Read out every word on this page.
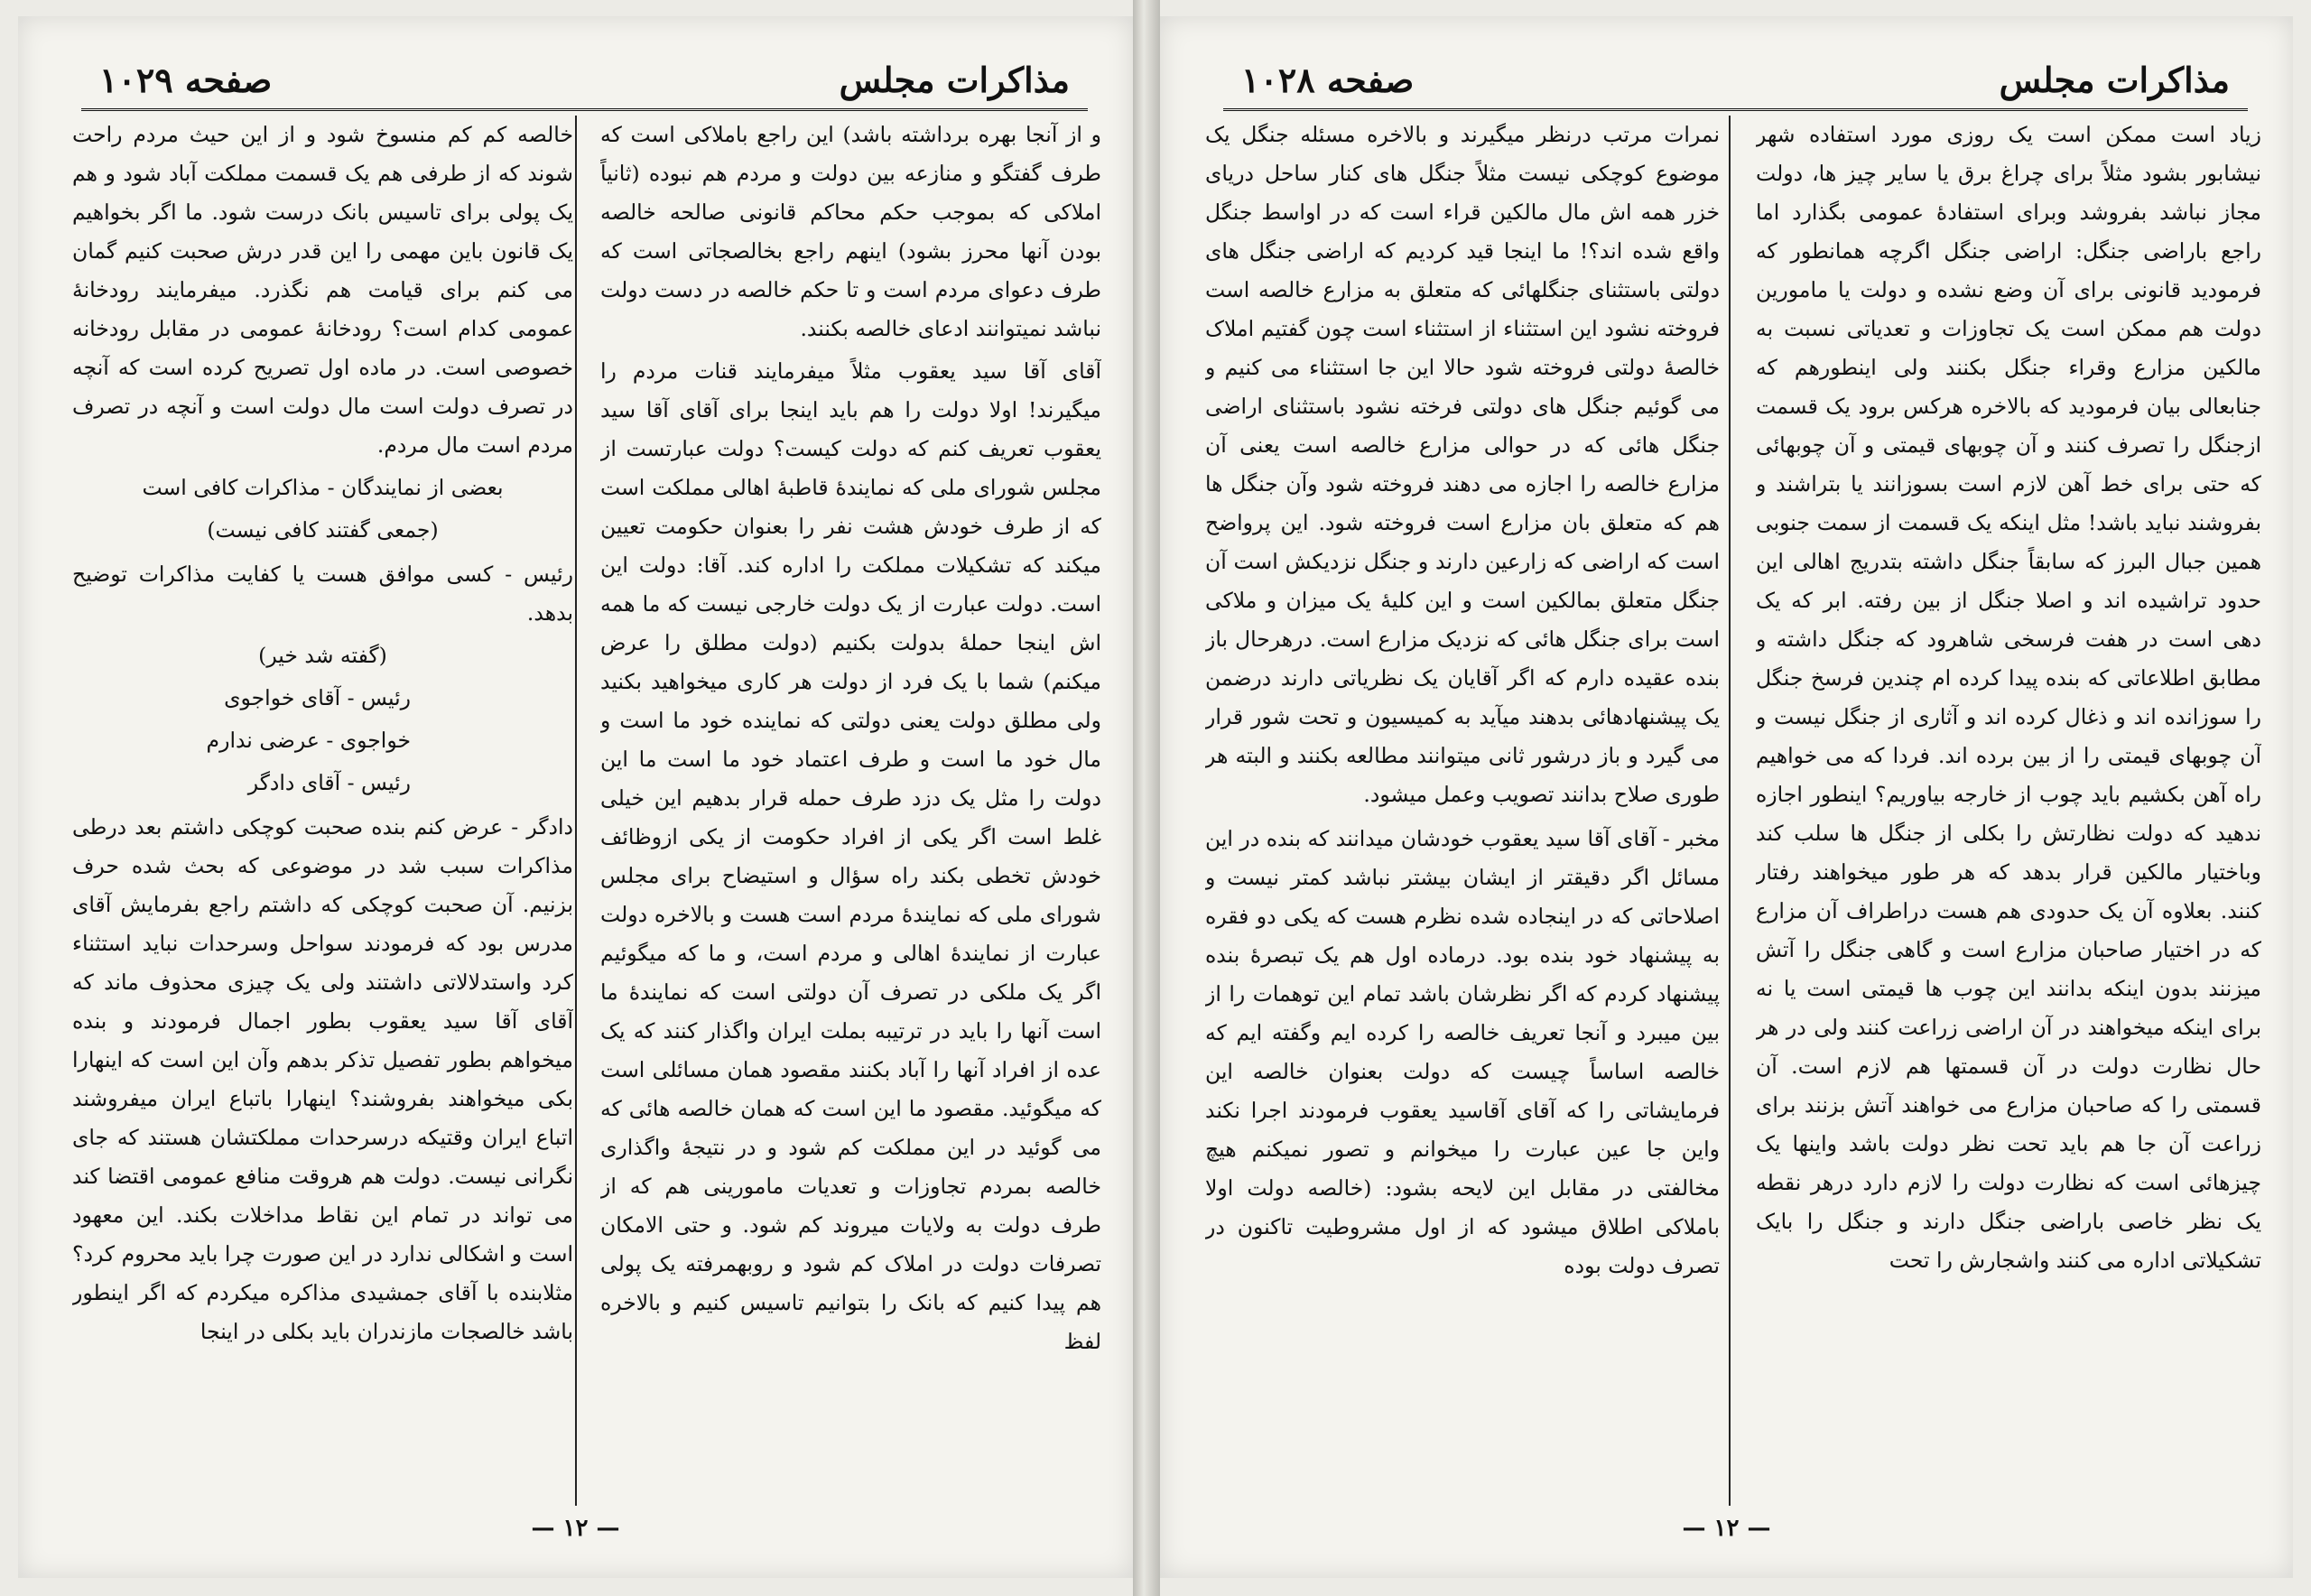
مذاکرات مجلس
صفحه ۱۰۲۹

و از آنجا بهره برداشته باشد) این راجع باملاکی است که طرف گفتگو و منازعه بین دولت و مردم هم نبوده (ثانیاً املاکی که بموجب حکم محاکم قانونی صالحه خالصه بودن آنها محرز بشود) اینهم راجع بخالصجاتی است که طرف دعوای مردم است و تا حکم خالصه در دست دولت نباشد نمیتوانند ادعای خالصه بکنند.

آقای آقا سید یعقوب مثلاً میفرمایند قنات مردم را میگیرند! اولا دولت را هم باید اینجا برای آقای آقا سید یعقوب تعریف کنم که دولت کیست؟ دولت عبارتست از مجلس شورای ملی که نمایندهٔ قاطبهٔ اهالی مملکت است که از طرف خودش هشت نفر را بعنوان حکومت تعیین میکند که تشکیلات مملکت را اداره کند. آقا: دولت این است. دولت عبارت از یک دولت خارجی نیست که ما همه اش اینجا حملهٔ بدولت بکنیم (دولت مطلق را عرض میکنم) شما با یک فرد از دولت هر کاری میخواهید بکنید ولی مطلق دولت یعنی دولتی که نماینده خود ما است و مال خود ما است و طرف اعتماد خود ما است ما این دولت را مثل یک دزد طرف حمله قرار بدهیم این خیلی غلط است اگر یکی از افراد حکومت از یکی ازوظائف خودش تخطی بکند راه سؤال و استیضاح برای مجلس شورای ملی که نمایندهٔ مردم است هست و بالاخره دولت عبارت از نمایندهٔ اهالی و مردم است، و ما که میگوئیم اگر یک ملکی در تصرف آن دولتی است که نمایندهٔ ما است آنها را باید در ترتیبه بملت ایران واگذار کنند که یک عده از افراد آنها را آباد بکنند مقصود همان مسائلی است که میگوئید. مقصود ما این است که همان خالصه هائی که می گوئید در این مملکت کم شود و در نتیجهٔ واگذاری خالصه بمردم تجاوزات و تعدیات مامورینی هم که از طرف دولت به ولایات میروند کم شود. و حتی الامکان تصرفات دولت در املاک کم شود و روبهمرفته یک پولی هم پیدا کنیم که بانک را بتوانیم تاسیس کنیم و بالاخره لفظ

خالصه کم کم منسوخ شود و از این حیث مردم راحت شوند که از طرفی هم یک قسمت مملکت آباد شود و هم یک پولی برای تاسیس بانک درست شود. ما اگر بخواهیم یک قانون باین مهمی را این قدر درش صحبت کنیم گمان می کنم برای قیامت هم نگذرد. میفرمایند رودخانهٔ عمومی کدام است؟ رودخانهٔ عمومی در مقابل رودخانه خصوصی است. در ماده اول تصریح کرده است که آنچه در تصرف دولت است مال دولت است و آنچه در تصرف مردم است مال مردم.

بعضی از نمایندگان - مذاکرات کافی است

(جمعی گفتند کافی نیست)

رئیس - کسی موافق هست یا کفایت مذاکرات توضیح بدهد.

(گفته شد خیر)

رئیس - آقای خواجوی

خواجوی - عرضی ندارم

رئیس - آقای دادگر

دادگر - عرض کنم بنده صحبت کوچکی داشتم بعد درطی مذاکرات سبب شد در موضوعی که بحث شده حرف بزنیم. آن صحبت کوچکی که داشتم راجع بفرمایش آقای مدرس بود که فرمودند سواحل وسرحدات نباید استثناء کرد واستدلالاتی داشتند ولی یک چیزی محذوف ماند که آقای آقا سید یعقوب بطور اجمال فرمودند و بنده میخواهم بطور تفصیل تذکر بدهم وآن این است که اینهارا بکی میخواهند بفروشند؟ اینهارا باتباع ایران میفروشند اتباع ایران وقتیکه درسرحدات مملکتشان هستند که جای نگرانی نیست. دولت هم هروقت منافع عمومی اقتضا کند می تواند در تمام این نقاط مداخلات بکند. این معهود است و اشکالی ندارد در این صورت چرا باید محروم کرد؟ مثلابنده با آقای جمشیدی مذاکره میکردم که اگر اینطور باشد خالصجات مازندران باید بکلی در اینجا

— ۱۲ —
مذاکرات مجلس
صفحه ۱۰۲۸

زیاد است ممکن است یک روزی مورد استفاده شهر نیشابور بشود مثلاً برای چراغ برق یا سایر چیز ها، دولت مجاز نباشد بفروشد وبرای استفادهٔ عمومی بگذارد اما راجع باراضی جنگل: اراضی جنگل اگرچه همانطور که فرمودید قانونی برای آن وضع نشده و دولت یا مامورین دولت هم ممکن است یک تجاوزات و تعدیاتی نسبت به مالکین مزارع وقراء جنگل بکنند ولی اینطورهم که جنابعالی بیان فرمودید که بالاخره هرکس برود یک قسمت ازجنگل را تصرف کنند و آن چوبهای قیمتی و آن چوبهائی که حتی برای خط آهن لازم است بسوزانند یا بتراشند و بفروشند نباید باشد! مثل اینکه یک قسمت از سمت جنوبی همین جبال البرز که سابقاً جنگل داشته بتدریج اهالی این حدود تراشیده اند و اصلا جنگل از بین رفته. ابر که یک دهی است در هفت فرسخی شاهرود که جنگل داشته و مطابق اطلاعاتی که بنده پیدا کرده ام چندین فرسخ جنگل را سوزانده اند و ذغال کرده اند و آثاری از جنگل نیست و آن چوبهای قیمتی را از بین برده اند. فردا که می خواهیم راه آهن بکشیم باید چوب از خارجه بیاوریم؟ اینطور اجازه ندهید که دولت نظارتش را بکلی از جنگل ها سلب کند وباختیار مالکین قرار بدهد که هر طور میخواهند رفتار کنند. بعلاوه آن یک حدودی هم هست دراطراف آن مزارع که در اختیار صاحبان مزارع است و گاهی جنگل را آتش میزنند بدون اینکه بدانند این چوب ها قیمتی است یا نه برای اینکه میخواهند در آن اراضی زراعت کنند ولی در هر حال نظارت دولت در آن قسمتها هم لازم است. آن قسمتی را که صاحبان مزارع می خواهند آتش بزنند برای زراعت آن جا هم باید تحت نظر دولت باشد واینها یک چیزهائی است که نظارت دولت را لازم دارد درهر نقطه یک نظر خاصی باراضی جنگل دارند و جنگل را بایک تشکیلاتی اداره می کنند واشجارش را تحت

نمرات مرتب درنظر میگیرند و بالاخره مسئله جنگل یک موضوع کوچکی نیست مثلاً جنگل های کنار ساحل دریای خزر همه اش مال مالکین قراء است که در اواسط جنگل واقع شده اند؟! ما اینجا قید کردیم که اراضی جنگل های دولتی باستثنای جنگلهائی که متعلق به مزارع خالصه است فروخته نشود این استثناء از استثناء است چون گفتیم املاک خالصهٔ دولتی فروخته شود حالا این جا استثناء می کنیم و می گوئیم جنگل های دولتی فرخته نشود باستثنای اراضی جنگل هائی که در حوالی مزارع خالصه است یعنی آن مزارع خالصه را اجازه می دهند فروخته شود وآن جنگل ها هم که متعلق بان مزارع است فروخته شود. این پرواضح است که اراضی که زارعین دارند و جنگل نزدیکش است آن جنگل متعلق بمالکین است و این کلیهٔ یک میزان و ملاکی است برای جنگل هائی که نزدیک مزارع است. درهرحال باز بنده عقیده دارم که اگر آقایان یک نظریاتی دارند درضمن یک پیشنهادهائی بدهند میآید به کمیسیون و تحت شور قرار می گیرد و باز درشور ثانی میتوانند مطالعه بکنند و البته هر طوری صلاح بدانند تصویب وعمل میشود.

مخبر - آقای آقا سید یعقوب خودشان میدانند که بنده در این مسائل اگر دقیقتر از ایشان بیشتر نباشد کمتر نیست و اصلاحاتی که در اینجاده شده نظرم هست که یکی دو فقره به پیشنهاد خود بنده بود. درماده اول هم یک تبصرهٔ بنده پیشنهاد کردم که اگر نظرشان باشد تمام این توهمات را از بین میبرد و آنجا تعریف خالصه را کرده ایم وگفته ایم که خالصه اساساً چیست که دولت بعنوان خالصه این فرمایشاتی را که آقای آقاسید یعقوب فرمودند اجرا نکند واین جا عین عبارت را میخوانم و تصور نمیکنم هیچ مخالفتی در مقابل این لایحه بشود: (خالصه دولت اولا باملاکی اطلاق میشود که از اول مشروطیت تاکنون در تصرف دولت بوده

— ۱۲ —
